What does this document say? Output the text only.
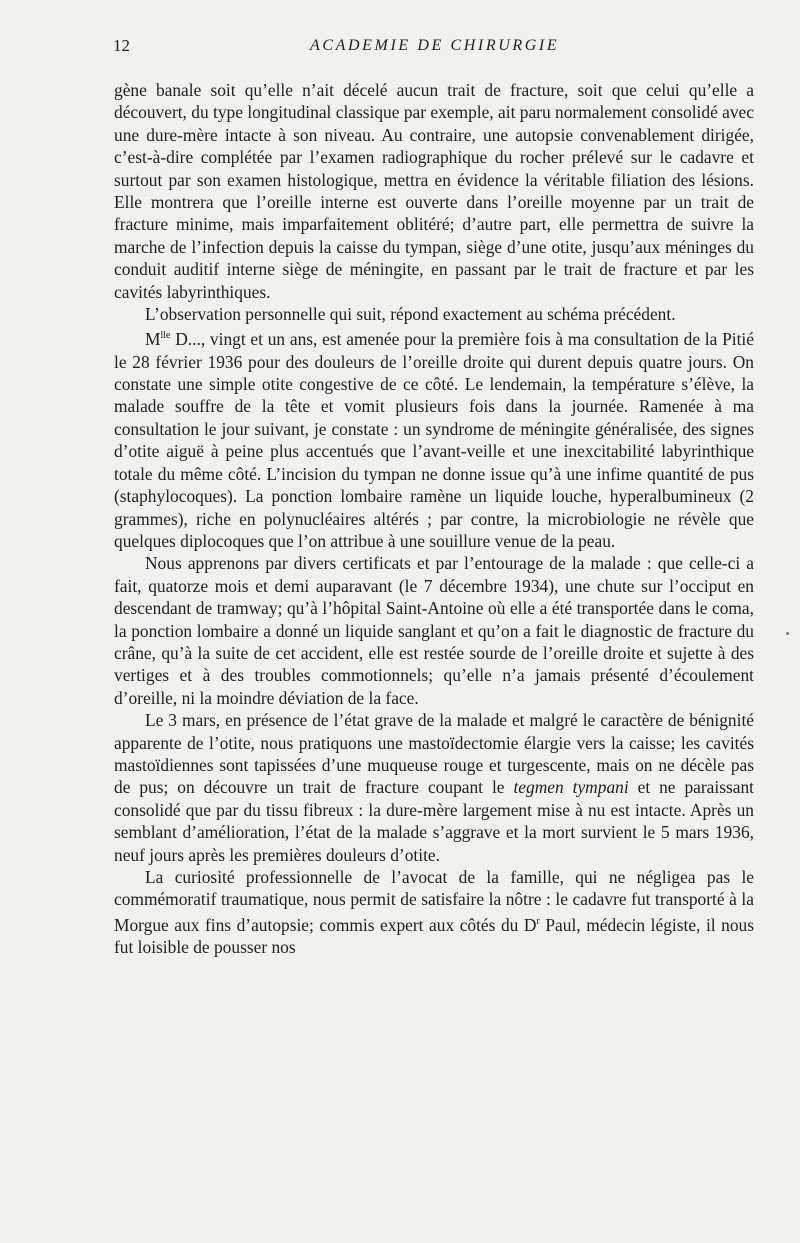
12	ACADEMIE DE CHIRURGIE

gène banale soit qu’elle n’ait décelé aucun trait de fracture, soit que celui qu’elle a découvert, du type longitudinal classique par exemple, ait paru normalement consolidé avec une dure-mère intacte à son niveau. Au contraire, une autopsie convenablement dirigée, c’est-à-dire complétée par l’examen radiographique du rocher prélevé sur le cadavre et surtout par son examen histologique, mettra en évidence la véritable filiation des lésions. Elle montrera que l’oreille interne est ouverte dans l’oreille moyenne par un trait de fracture minime, mais imparfaitement oblitéré; d’autre part, elle permettra de suivre la marche de l’infection depuis la caisse du tympan, siège d’une otite, jusqu’aux méninges du conduit auditif interne siège de méningite, en passant par le trait de fracture et par les cavités labyrinthiques.

L’observation personnelle qui suit, répond exactement au schéma précédent.

$M^{lle}$ D..., vingt et un ans, est amenée pour la première fois à ma consultation de la Pitié le 28 février 1936 pour des douleurs de l’oreille droite qui durent depuis quatre jours. On constate une simple otite congestive de ce côté. Le lendemain, la température s’élève, la malade souffre de la tête et vomit plusieurs fois dans la journée. Ramenée à ma consultation le jour suivant, je constate : un syndrome de méningite généralisée, des signes d’otite aiguë à peine plus accentués que l’avant-veille et une inexcitabilité labyrinthique totale du même côté. L’incision du tympan ne donne issue qu’à une infime quantité de pus (staphylocoques). La ponction lombaire ramène un liquide louche, hyperalbumineux (2 grammes), riche en polynucléaires altérés ; par contre, la microbiologie ne révèle que quelques diplocoques que l’on attribue à une souillure venue de la peau.

Nous apprenons par divers certificats et par l’entourage de la malade : que celle-ci a fait, quatorze mois et demi auparavant (le 7 décembre 1934), une chute sur l’occiput en descendant de tramway; qu’à l’hôpital Saint-Antoine où elle a été transportée dans le coma, la ponction lombaire a donné un liquide sanglant et qu’on a fait le diagnostic de fracture du crâne, qu’à la suite de cet accident, elle est restée sourde de l’oreille droite et sujette à des vertiges et à des troubles commotionnels; qu’elle n’a jamais présenté d’écoulement d’oreille, ni la moindre déviation de la face.

Le 3 mars, en présence de l’état grave de la malade et malgré le caractère de bénignité apparente de l’otite, nous pratiquons une mastoïdectomie élargie vers la caisse; les cavités mastoïdiennes sont tapissées d’une muqueuse rouge et turgescente, mais on ne décèle pas de pus; on découvre un trait de fracture coupant le tegmen tympani et ne paraissant consolidé que par du tissu fibreux : la dure-mère largement mise à nu est intacte. Après un semblant d’amélioration, l’état de la malade s’aggrave et la mort survient le 5 mars 1936, neuf jours après les premières douleurs d’otite.

La curiosité professionnelle de l’avocat de la famille, qui ne négligea pas le commémoratif traumatique, nous permit de satisfaire la nôtre : le cadavre fut transporté à la Morgue aux fins d’autopsie; commis expert aux côtés du $D^r$ Paul, médecin légiste, il nous fut loisible de pousser nos
